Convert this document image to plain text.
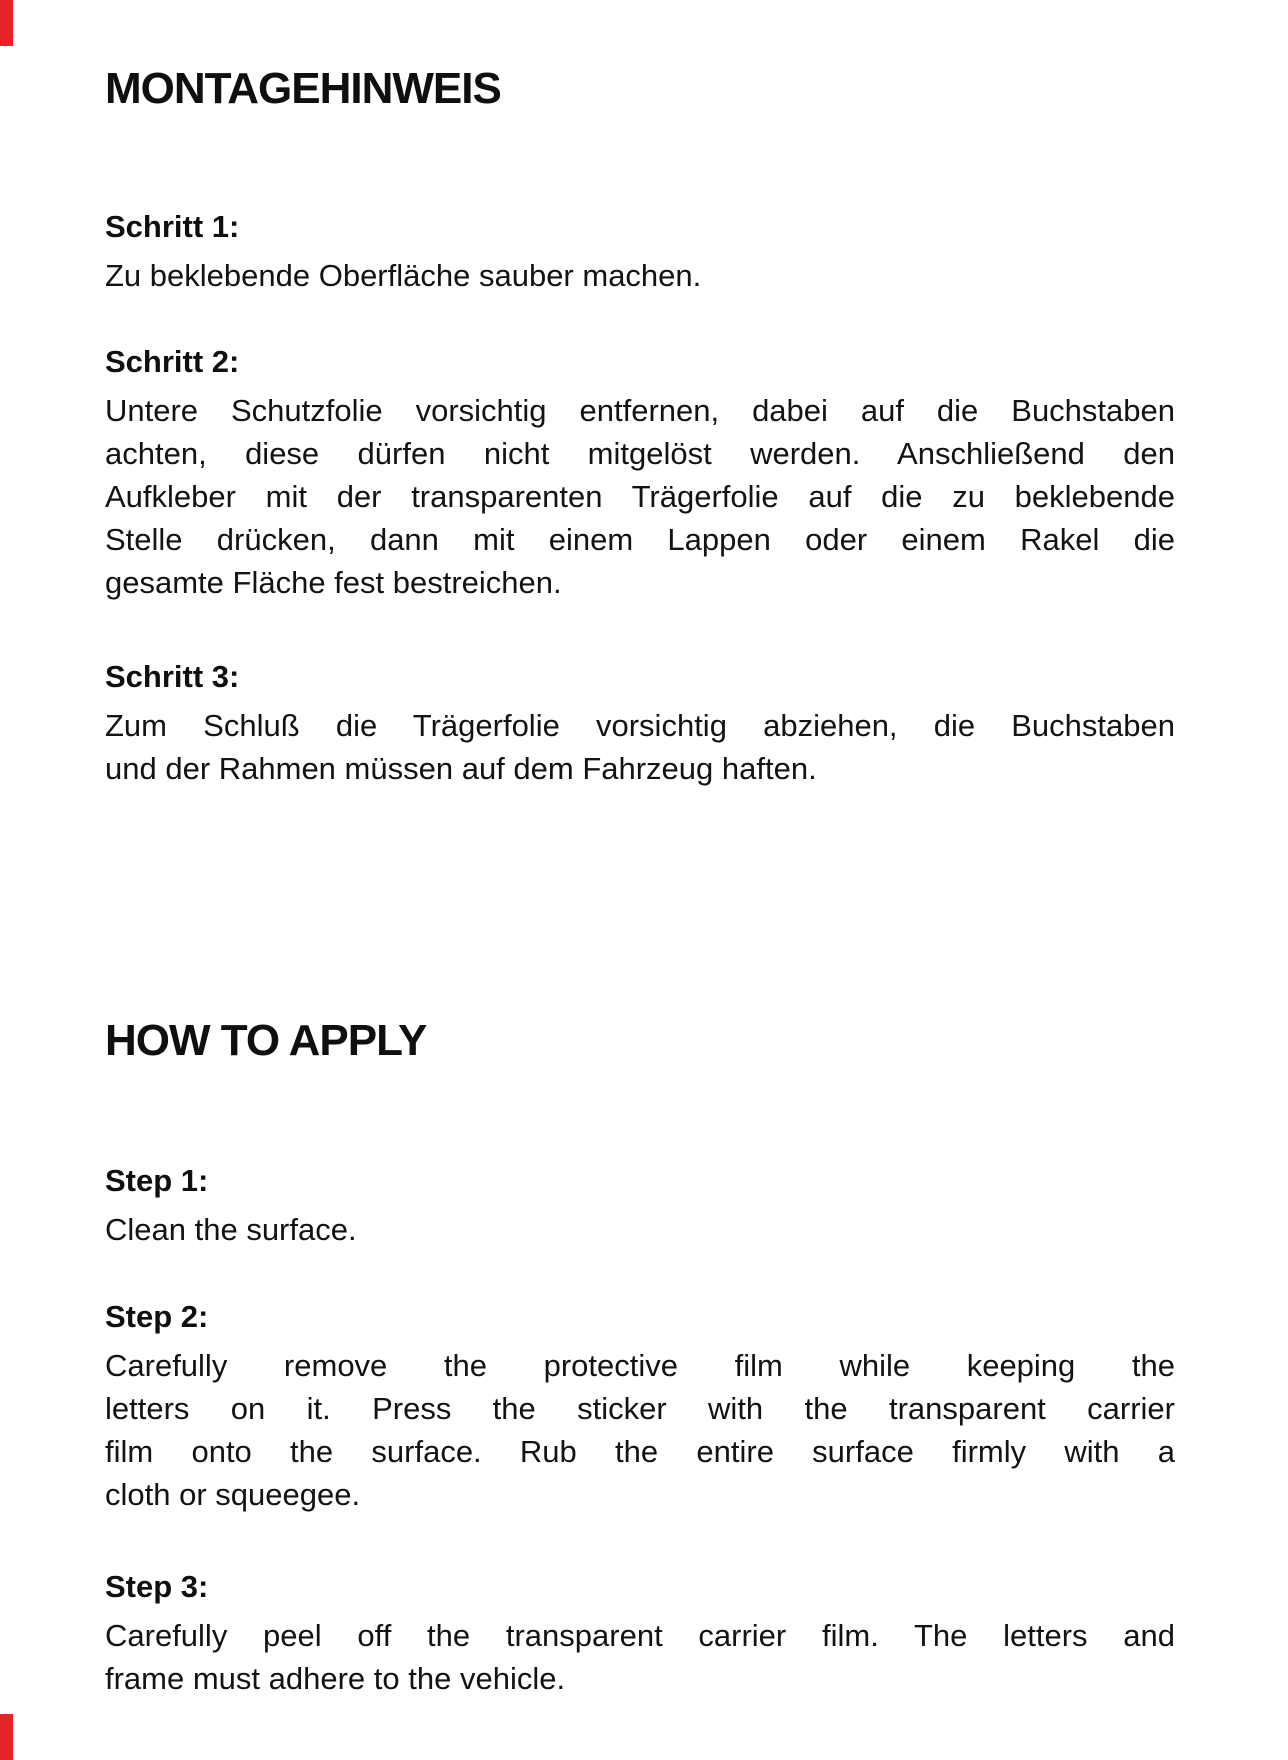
MONTAGEHINWEIS
Schritt 1:
Zu beklebende Oberfläche sauber machen.
Schritt 2:
Untere Schutzfolie vorsichtig entfernen, dabei auf die Buchstaben
achten, diese dürfen nicht mitgelöst werden. Anschließend den
Aufkleber mit der transparenten Trägerfolie auf die zu beklebende
Stelle drücken, dann mit einem Lappen oder einem Rakel die
gesamte Fläche fest bestreichen.
Schritt 3:
Zum Schluß die Trägerfolie vorsichtig abziehen, die Buchstaben
und der Rahmen müssen auf dem Fahrzeug haften.
HOW TO APPLY
Step 1:
Clean the surface.
Step 2:
Carefully remove the protective film while keeping the
letters on it. Press the sticker with the transparent carrier
film onto the surface. Rub the entire surface firmly with a
cloth or squeegee.
Step 3:
Carefully peel off the transparent carrier film. The letters and
frame must adhere to the vehicle.
